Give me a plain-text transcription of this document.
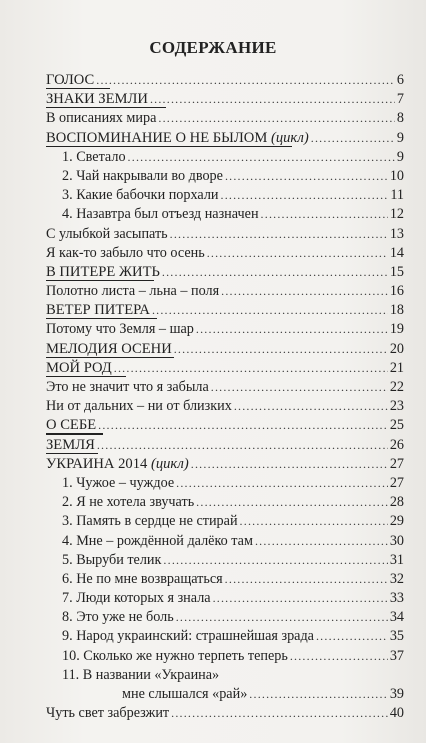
СОДЕРЖАНИЕ
ГОЛОС .....	6
ЗНАКИ ЗЕМЛИ .....	7
В описаниях мира .....	8
ВОСПОМИНАНИЕ О НЕ БЫЛОМ (цикл) .....	9
1. Светало .....	9
2. Чай накрывали во дворе .....	10
3. Какие бабочки порхали .....	11
4. Назавтра был отъезд назначен .....	12
С улыбкой засыпать .....	13
Я как-то забыло что осень .....	14
В ПИТЕРЕ ЖИТЬ .....	15
Полотно листа – льна – поля .....	16
ВЕТЕР ПИТЕРА .....	18
Потому что Земля – шар .....	19
МЕЛОДИЯ ОСЕНИ .....	20
МОЙ РОД .....	21
Это не значит что я забыла .....	22
Ни от дальних – ни от близких .....	23
О СЕБЕ .....	25
ЗЕМЛЯ .....	26
УКРАИНА 2014 (цикл) .....	27
1. Чужое – чуждое .....	27
2. Я не хотела звучать .....	28
3. Память в сердце не стирай .....	29
4. Мне – рождённой далёко там .....	30
5. Выруби телик .....	31
6. Не по мне возвращаться .....	32
7. Люди которых я знала .....	33
8. Это уже не боль .....	34
9. Народ украинский: страшнейшая зрада .....	35
10. Сколько же нужно терпеть теперь .....	37
11. В названии «Украина»
мне слышался «рай» .....	39
Чуть свет забрезжит .....	40
